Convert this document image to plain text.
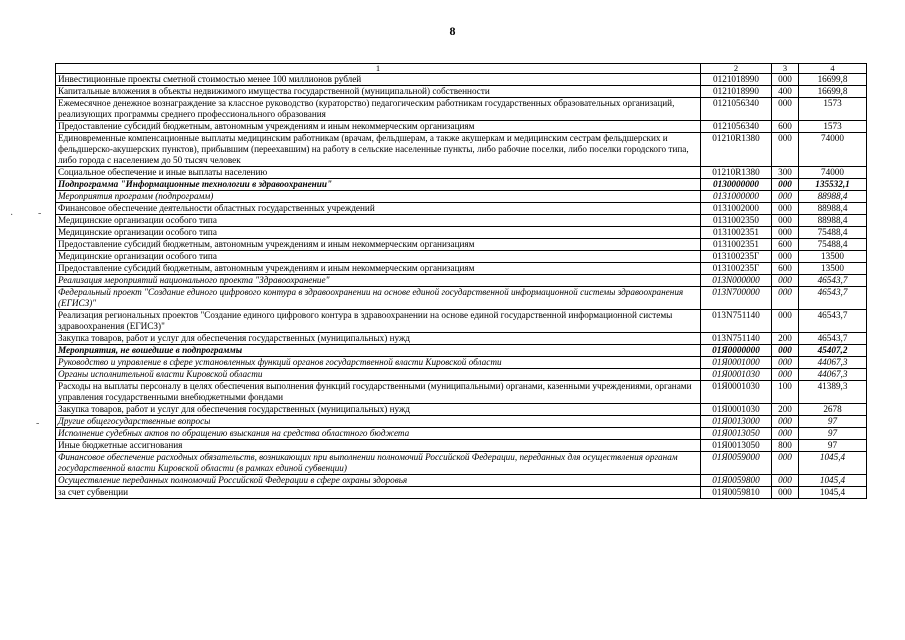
8
· -
-
1	2	3	4
Инвестиционные проекты сметной стоимостью менее 100 миллионов рублей	0121018990	000	16699,8
Капитальные вложения в объекты недвижимого имущества государственной (муниципальной) собственности	0121018990	400	16699,8
Ежемесячное денежное вознаграждение за классное руководство (кураторство) педагогическим работникам государственных образовательных организаций, реализующих программы среднего профессионального образования	0121056340	000	1573
Предоставление субсидий бюджетным, автономным учреждениям и иным некоммерческим организациям	0121056340	600	1573
Единовременные компенсационные выплаты медицинским работникам (врачам, фельдшерам, а также акушеркам и медицинским сестрам фельдшерских и фельдшерско-акушерских пунктов), прибывшим (переехавшим) на работу в сельские населенные пункты, либо рабочие поселки, либо поселки городского типа, либо города с населением до 50 тысяч человек	01210R1380	000	74000
Социальное обеспечение и иные выплаты населению	01210R1380	300	74000
Подпрограмма "Информационные технологии в здравоохранении"	0130000000	000	135532,1
Мероприятия программ (подпрограмм)	0131000000	000	88988,4
Финансовое обеспечение деятельности областных государственных учреждений	0131002000	000	88988,4
Медицинские организации особого типа	0131002350	000	88988,4
Медицинские организации особого типа	0131002351	000	75488,4
Предоставление субсидий бюджетным, автономным учреждениям и иным некоммерческим организациям	0131002351	600	75488,4
Медицинские организации особого типа	013100235Г	000	13500
Предоставление субсидий бюджетным, автономным учреждениям и иным некоммерческим организациям	013100235Г	600	13500
Реализация мероприятий национального проекта "Здравоохранение"	013N000000	000	46543,7
Федеральный проект "Создание единого цифрового контура в здравоохранении на основе единой государственной информационной системы здравоохранения (ЕГИСЗ)"	013N700000	000	46543,7
Реализация региональных проектов "Создание единого цифрового контура в здравоохранении на основе единой государственной информационной системы здравоохранения (ЕГИСЗ)"	013N751140	000	46543,7
Закупка товаров, работ и услуг для обеспечения государственных (муниципальных) нужд	013N751140	200	46543,7
Мероприятия, не вошедшие в подпрограммы	01Я0000000	000	45407,2
Руководство и управление в сфере установленных функций органов государственной власти Кировской области	01Я0001000	000	44067,3
Органы исполнительной власти Кировской области	01Я0001030	000	44067,3
Расходы на выплаты персоналу в целях обеспечения выполнения функций государственными (муниципальными) органами, казенными учреждениями, органами управления государственными внебюджетными фондами	01Я0001030	100	41389,3
Закупка товаров, работ и услуг для обеспечения государственных (муниципальных) нужд	01Я0001030	200	2678
Другие общегосударственные вопросы	01Я0013000	000	97
Исполнение судебных актов по обращению взыскания на средства областного бюджета	01Я0013050	000	97
Иные бюджетные ассигнования	01Я0013050	800	97
Финансовое обеспечение расходных обязательств, возникающих при выполнении полномочий Российской Федерации, переданных для осуществления органам государственной власти Кировской области (в рамках единой субвенции)	01Я0059000	000	1045,4
Осуществление переданных полномочий Российской Федерации в сфере охраны здоровья	01Я0059800	000	1045,4
за счет субвенции	01Я0059810	000	1045,4
